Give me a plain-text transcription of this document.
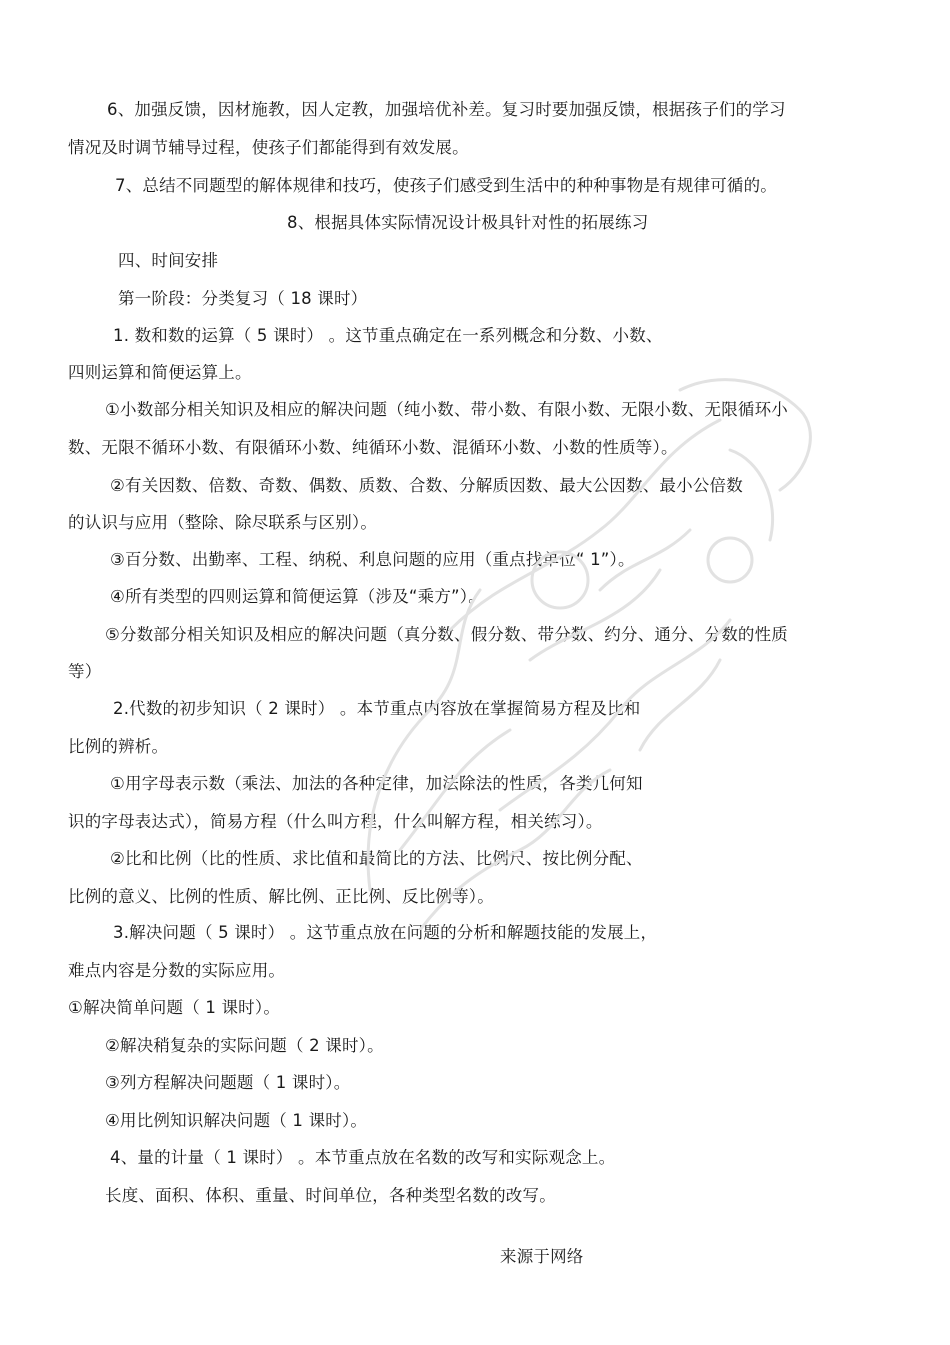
6、加强反馈，因材施教，因人定教，加强培优补差。复习时要加强反馈，根据孩子们的学习
情况及时调节辅导过程，使孩子们都能得到有效发展。
7、总结不同题型的解体规律和技巧，使孩子们感受到生活中的种种事物是有规律可循的。
8、根据具体实际情况设计极具针对性的拓展练习
四、时间安排
第一阶段：分类复习（ 18 课时）
1. 数和数的运算（ 5 课时） 。这节重点确定在一系列概念和分数、小数、
四则运算和简便运算上。
①小数部分相关知识及相应的解决问题（纯小数、带小数、有限小数、无限小数、无限循环小
数、无限不循环小数、有限循环小数、纯循环小数、混循环小数、小数的性质等）。
②有关因数、倍数、奇数、偶数、质数、合数、分解质因数、最大公因数、最小公倍数
的认识与应用（整除、除尽联系与区别）。
③百分数、出勤率、工程、纳税、利息问题的应用（重点找单位“ 1”）。
④所有类型的四则运算和简便运算（涉及“乘方”）。
⑤分数部分相关知识及相应的解决问题（真分数、假分数、带分数、约分、通分、分数的性质
等）
2.代数的初步知识（ 2 课时） 。本节重点内容放在掌握简易方程及比和
比例的辨析。
①用字母表示数（乘法、加法的各种定律，加法除法的性质，各类几何知
识的字母表达式），简易方程（什么叫方程，什么叫解方程，相关练习）。
②比和比例（比的性质、求比值和最简比的方法、比例尺、按比例分配、
比例的意义、比例的性质、解比例、正比例、反比例等）。
3.解决问题（ 5 课时） 。这节重点放在问题的分析和解题技能的发展上，
难点内容是分数的实际应用。
①解决简单问题（ 1 课时）。
②解决稍复杂的实际问题（ 2 课时）。
③列方程解决问题题（ 1 课时）。
④用比例知识解决问题（ 1 课时）。
4、量的计量（ 1 课时） 。本节重点放在名数的改写和实际观念上。
长度、面积、体积、重量、时间单位，各种类型名数的改写。
来源于网络
